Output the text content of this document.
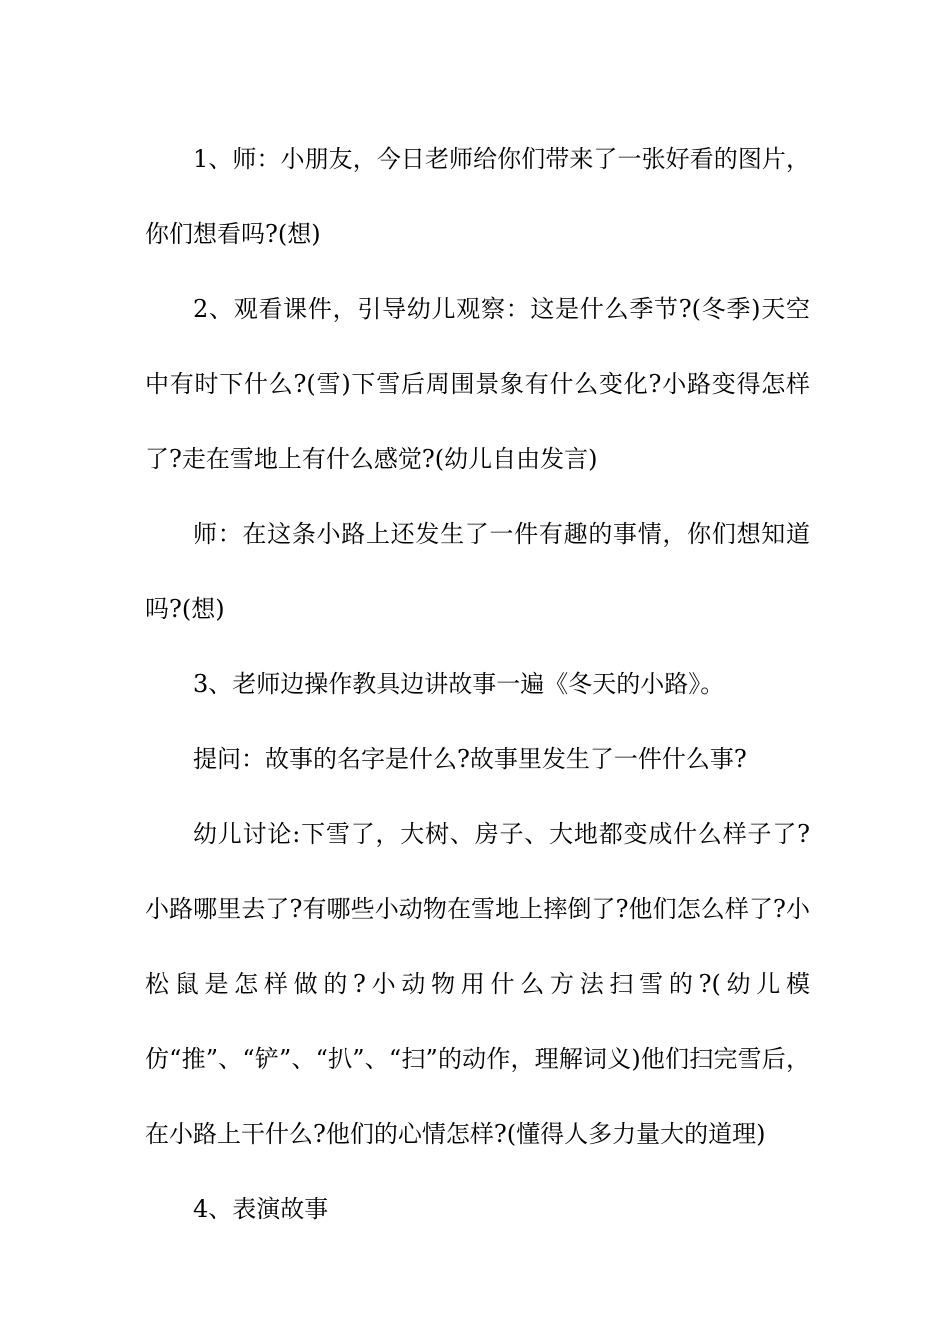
1、师：小朋友，今日老师给你们带来了一张好看的图片，你们想看吗?(想)

2、观看课件，引导幼儿观察：这是什么季节?(冬季)天空中有时下什么?(雪)下雪后周围景象有什么变化?小路变得怎样了?走在雪地上有什么感觉?(幼儿自由发言)

师：在这条小路上还发生了一件有趣的事情，你们想知道吗?(想)

3、老师边操作教具边讲故事一遍《冬天的小路》。

提问：故事的名字是什么?故事里发生了一件什么事?

幼儿讨论:下雪了，大树、房子、大地都变成什么样子了?小路哪里去了?有哪些小动物在雪地上摔倒了?他们怎么样了?小松鼠是怎样做的?小动物用什么方法扫雪的?(幼儿模仿“推”、“铲”、“扒”、“扫”的动作，理解词义)他们扫完雪后，在小路上干什么?他们的心情怎样?(懂得人多力量大的道理)

4、表演故事
